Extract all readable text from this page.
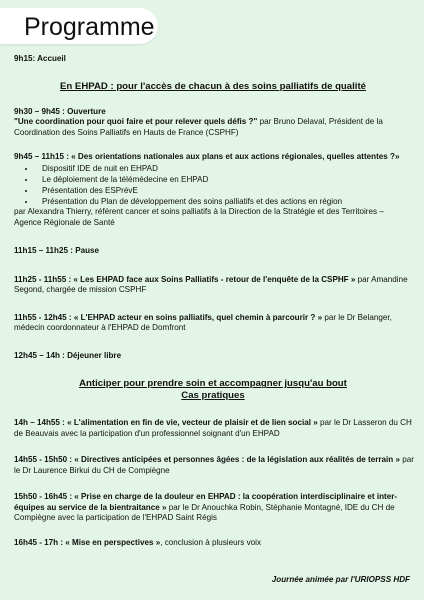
Programme
9h15: Accueil
En EHPAD : pour l'accès de chacun à des soins palliatifs de qualité
9h30 – 9h45 : Ouverture
"Une coordination pour quoi faire et pour relever quels défis ?" par Bruno Delaval, Président de la
Coordination des Soins Palliatifs en Hauts de France (CSPHF)
9h45 – 11h15 : « Des orientations nationales aux plans et aux actions régionales, quelles attentes ?»
• Dispositif IDE de nuit en EHPAD
• Le déploiement de la télémédecine en EHPAD
• Présentation des ESPrévE
• Présentation du Plan de développement des soins palliatifs et des actions en région
par Alexandra Thierry, référent cancer et soins palliatifs à la Direction de la Stratégie et des Territoires –
Agence Régionale de Santé
11h15 – 11h25 : Pause
11h25 - 11h55 : « Les EHPAD face aux Soins Palliatifs - retour de l'enquête de la CSPHF » par Amandine
Segond, chargée de mission CSPHF
11h55 - 12h45 : « L'EHPAD acteur en soins palliatifs, quel chemin à parcourir ? » par le Dr Belanger,
médecin coordonnateur à l'EHPAD de Domfront
12h45 – 14h : Déjeuner libre
Anticiper pour prendre soin et accompagner jusqu'au bout
Cas pratiques
14h – 14h55 : « L'alimentation en fin de vie, vecteur de plaisir et de lien social » par le Dr Lasseron du CH
de Beauvais avec la participation d'un professionnel soignant d'un EHPAD
14h55 - 15h50 : « Directives anticipées et personnes âgées : de la législation aux réalités de terrain » par
le Dr Laurence Birkui du CH de Compiègne
15h50 - 16h45 : « Prise en charge de la douleur en EHPAD : la coopération interdisciplinaire et inter-
équipes au service de la bientraitance » par le Dr Anouchka Robin, Stéphanie Montagné, IDE du CH de
Compiègne avec la participation de l'EHPAD Saint Régis
16h45 - 17h : « Mise en perspectives », conclusion à plusieurs voix
Journée animée par l'URIOPSS HDF
